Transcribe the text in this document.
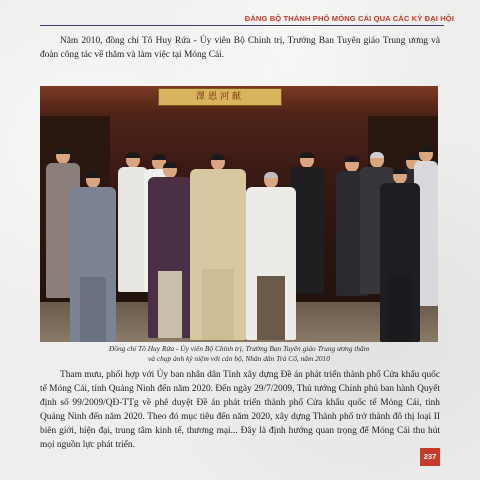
ĐẢNG BỘ THÀNH PHỐ MÓNG CÁI QUA CÁC KỲ ĐẠI HỘI
Năm 2010, đồng chí Tô Huy Rứa - Ủy viên Bộ Chính trị, Trưởng Ban Tuyên giáo Trung ương và đoàn công tác về thăm và làm việc tại Móng Cái.
澤恩河献
Đồng chí Tô Huy Rứa - Ủy viên Bộ Chính trị, Trưởng Ban Tuyên giáo Trung ương thăm
và chụp ảnh kỷ niệm với cán bộ, Nhân dân Trà Cổ, năm 2010
Tham mưu, phối hợp với Ủy ban nhân dân Tỉnh xây dựng Đề án phát triển thành phố Cửa khẩu quốc tế Móng Cái, tỉnh Quảng Ninh đến năm 2020. Đến ngày 29/7/2009, Thủ tướng Chính phủ ban hành Quyết định số 99/2009/QĐ-TTg về phê duyệt Đề án phát triển thành phố Cửa khẩu quốc tế Móng Cái, tỉnh Quảng Ninh đến năm 2020. Theo đó mục tiêu đến năm 2020, xây dựng Thành phố trở thành đô thị loại II biên giới, hiện đại, trung tâm kinh tế, thương mại... Đây là định hướng quan trọng để Móng Cái thu hút mọi nguồn lực phát triển.
237
